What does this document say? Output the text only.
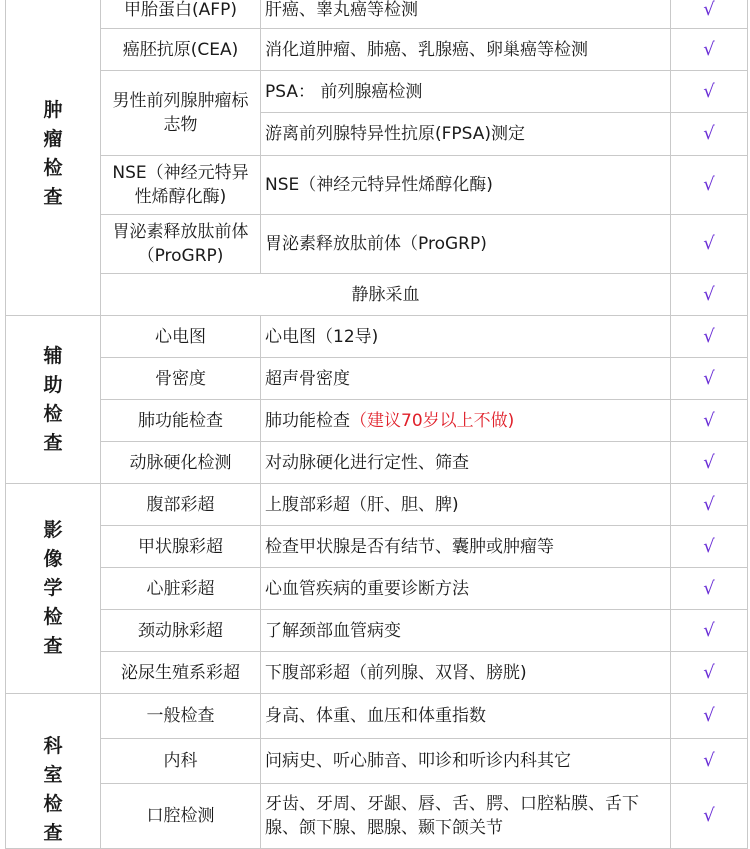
肿
瘤
检
查	甲胎蛋白(AFP)	肝癌、睾丸癌等检测	√
	癌胚抗原(CEA)	消化道肿瘤、肺癌、乳腺癌、卵巢癌等检测	√
	男性前列腺肿瘤标志物	PSA： 前列腺癌检测	√
		游离前列腺特异性抗原(FPSA)测定	√
	NSE（神经元特异性烯醇化酶)	NSE（神经元特异性烯醇化酶)	√
	胃泌素释放肽前体（ProGRP)	胃泌素释放肽前体（ProGRP)	√
	静脉采血		√

辅
助
检
查	心电图	心电图（12导)	√
	骨密度	超声骨密度	√
	肺功能检查	肺功能检查（建议70岁以上不做)	√
	动脉硬化检测	对动脉硬化进行定性、筛查	√

影
像
学
检
查	腹部彩超	上腹部彩超（肝、胆、脾)	√
	甲状腺彩超	检查甲状腺是否有结节、囊肿或肿瘤等	√
	心脏彩超	心血管疾病的重要诊断方法	√
	颈动脉彩超	了解颈部血管病变	√
	泌尿生殖系彩超	下腹部彩超（前列腺、双肾、膀胱)	√

科
室
检
查	一般检查	身高、体重、血压和体重指数	√
	内科	问病史、听心肺音、叩诊和听诊内科其它	√
	口腔检测	牙齿、牙周、牙龈、唇、舌、腭、口腔粘膜、舌下腺、颌下腺、腮腺、颞下颌关节	√
